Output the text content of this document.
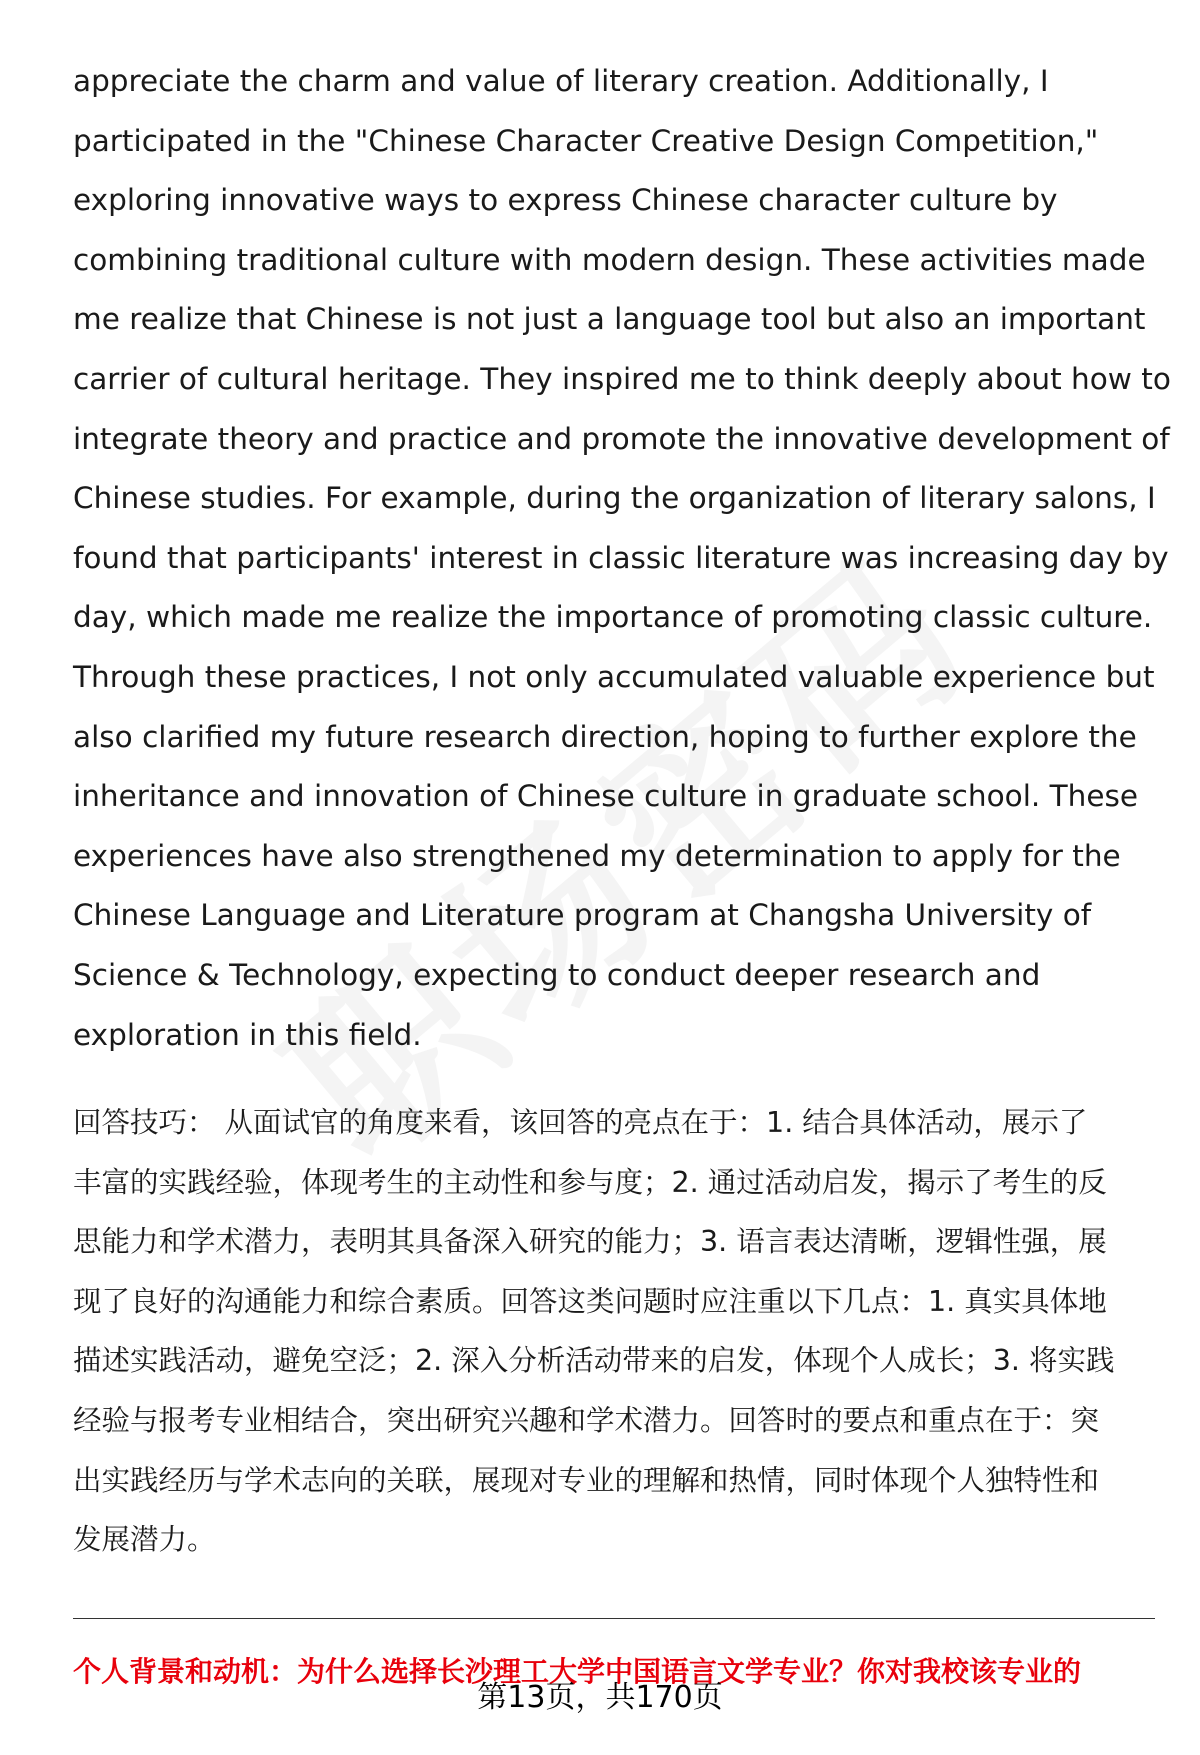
appreciate the charm and value of literary creation. Additionally, I
participated in the "Chinese Character Creative Design Competition,"
exploring innovative ways to express Chinese character culture by
combining traditional culture with modern design. These activities made
me realize that Chinese is not just a language tool but also an important
carrier of cultural heritage. They inspired me to think deeply about how to
integrate theory and practice and promote the innovative development of
Chinese studies. For example, during the organization of literary salons, I
found that participants' interest in classic literature was increasing day by
day, which made me realize the importance of promoting classic culture.
Through these practices, I not only accumulated valuable experience but
also clarified my future research direction, hoping to further explore the
inheritance and innovation of Chinese culture in graduate school. These
experiences have also strengthened my determination to apply for the
Chinese Language and Literature program at Changsha University of
Science & Technology, expecting to conduct deeper research and
exploration in this field.
回答技巧： 从面试官的角度来看，该回答的亮点在于：1. 结合具体活动，展示了
丰富的实践经验，体现考生的主动性和参与度；2. 通过活动启发，揭示了考生的反
思能力和学术潜力，表明其具备深入研究的能力；3. 语言表达清晰，逻辑性强，展
现了良好的沟通能力和综合素质。回答这类问题时应注重以下几点：1. 真实具体地
描述实践活动，避免空泛；2. 深入分析活动带来的启发，体现个人成长；3. 将实践
经验与报考专业相结合，突出研究兴趣和学术潜力。回答时的要点和重点在于：突
出实践经历与学术志向的关联，展现对专业的理解和热情，同时体现个人独特性和
发展潜力。
个人背景和动机：为什么选择长沙理工大学中国语言文学专业？你对我校该专业的
第13页，共170页
